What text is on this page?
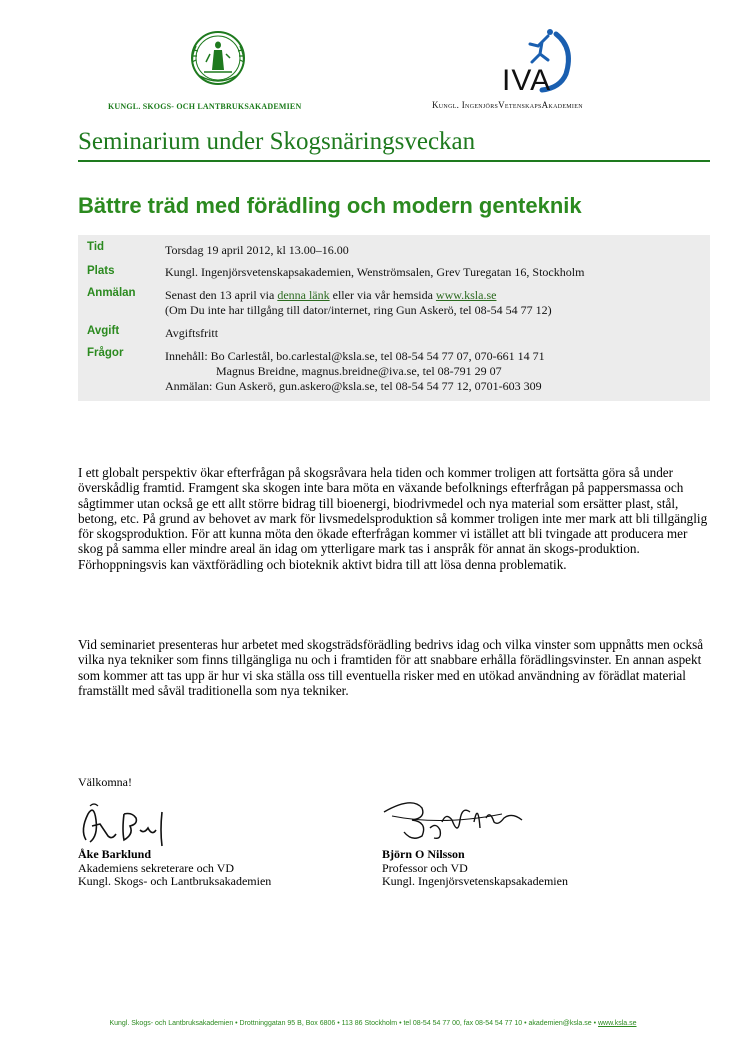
KUNGL. SKOGS- OCH LANTBRUKSAKADEMIEN
IVA
Kungl. IngenjörsVetenskapsAkademien
Seminarium under Skogsnäringsveckan
Bättre träd med förädling och modern genteknik
Tid	Torsdag 19 april 2012, kl 13.00–16.00
Plats	Kungl. Ingenjörsvetenskapsakademien, Wenströmsalen, Grev Turegatan 16, Stockholm
Anmälan Senast den 13 april via denna länk eller via vår hemsida www.ksla.se
(Om Du inte har tillgång till dator/internet, ring Gun Askerö, tel 08-54 54 77 12)
Avgift	Avgiftsfritt
Frågor	Innehåll: Bo Carlestål, bo.carlestal@ksla.se, tel 08-54 54 77 07, 070-661 14 71
Magnus Breidne, magnus.breidne@iva.se, tel 08-791 29 07
Anmälan: Gun Askerö, gun.askero@ksla.se, tel 08-54 54 77 12, 0701-603 309
I ett globalt perspektiv ökar efterfrågan på skogsråvara hela tiden och kommer troligen att fortsätta göra så under överskådlig framtid. Framgent ska skogen inte bara möta en växande befolknings efterfrågan på pappersmassa och sågtimmer utan också ge ett allt större bidrag till bioenergi, biodrivmedel och nya material som ersätter plast, stål, betong, etc. På grund av behovet av mark för livsmedelsproduktion så kommer troligen inte mer mark att bli tillgänglig för skogsproduktion. För att kunna möta den ökade efterfrågan kommer vi istället att bli tvingade att producera mer skog på samma eller mindre areal än idag om ytterligare mark tas i anspråk för annat än skogs-produktion. Förhoppningsvis kan växtförädling och bioteknik aktivt bidra till att lösa denna problematik.
Vid seminariet presenteras hur arbetet med skogsträdsförädling bedrivs idag och vilka vinster som uppnåtts men också vilka nya tekniker som finns tillgängliga nu och i framtiden för att snabbare erhålla förädlingsvinster. En annan aspekt som kommer att tas upp är hur vi ska ställa oss till eventuella risker med en utökad användning av förädlat material framställt med såväl traditionella som nya tekniker.
Välkomna!
Åke Barklund
Akademiens sekreterare och VD
Kungl. Skogs- och Lantbruksakademien
Björn O Nilsson
Professor och VD
Kungl. Ingenjörsvetenskapsakademien
Kungl. Skogs- och Lantbruksakademien • Drottninggatan 95 B, Box 6806 • 113 86 Stockholm • tel 08-54 54 77 00, fax 08-54 54 77 10 • akademien@ksla.se • www.ksla.se
